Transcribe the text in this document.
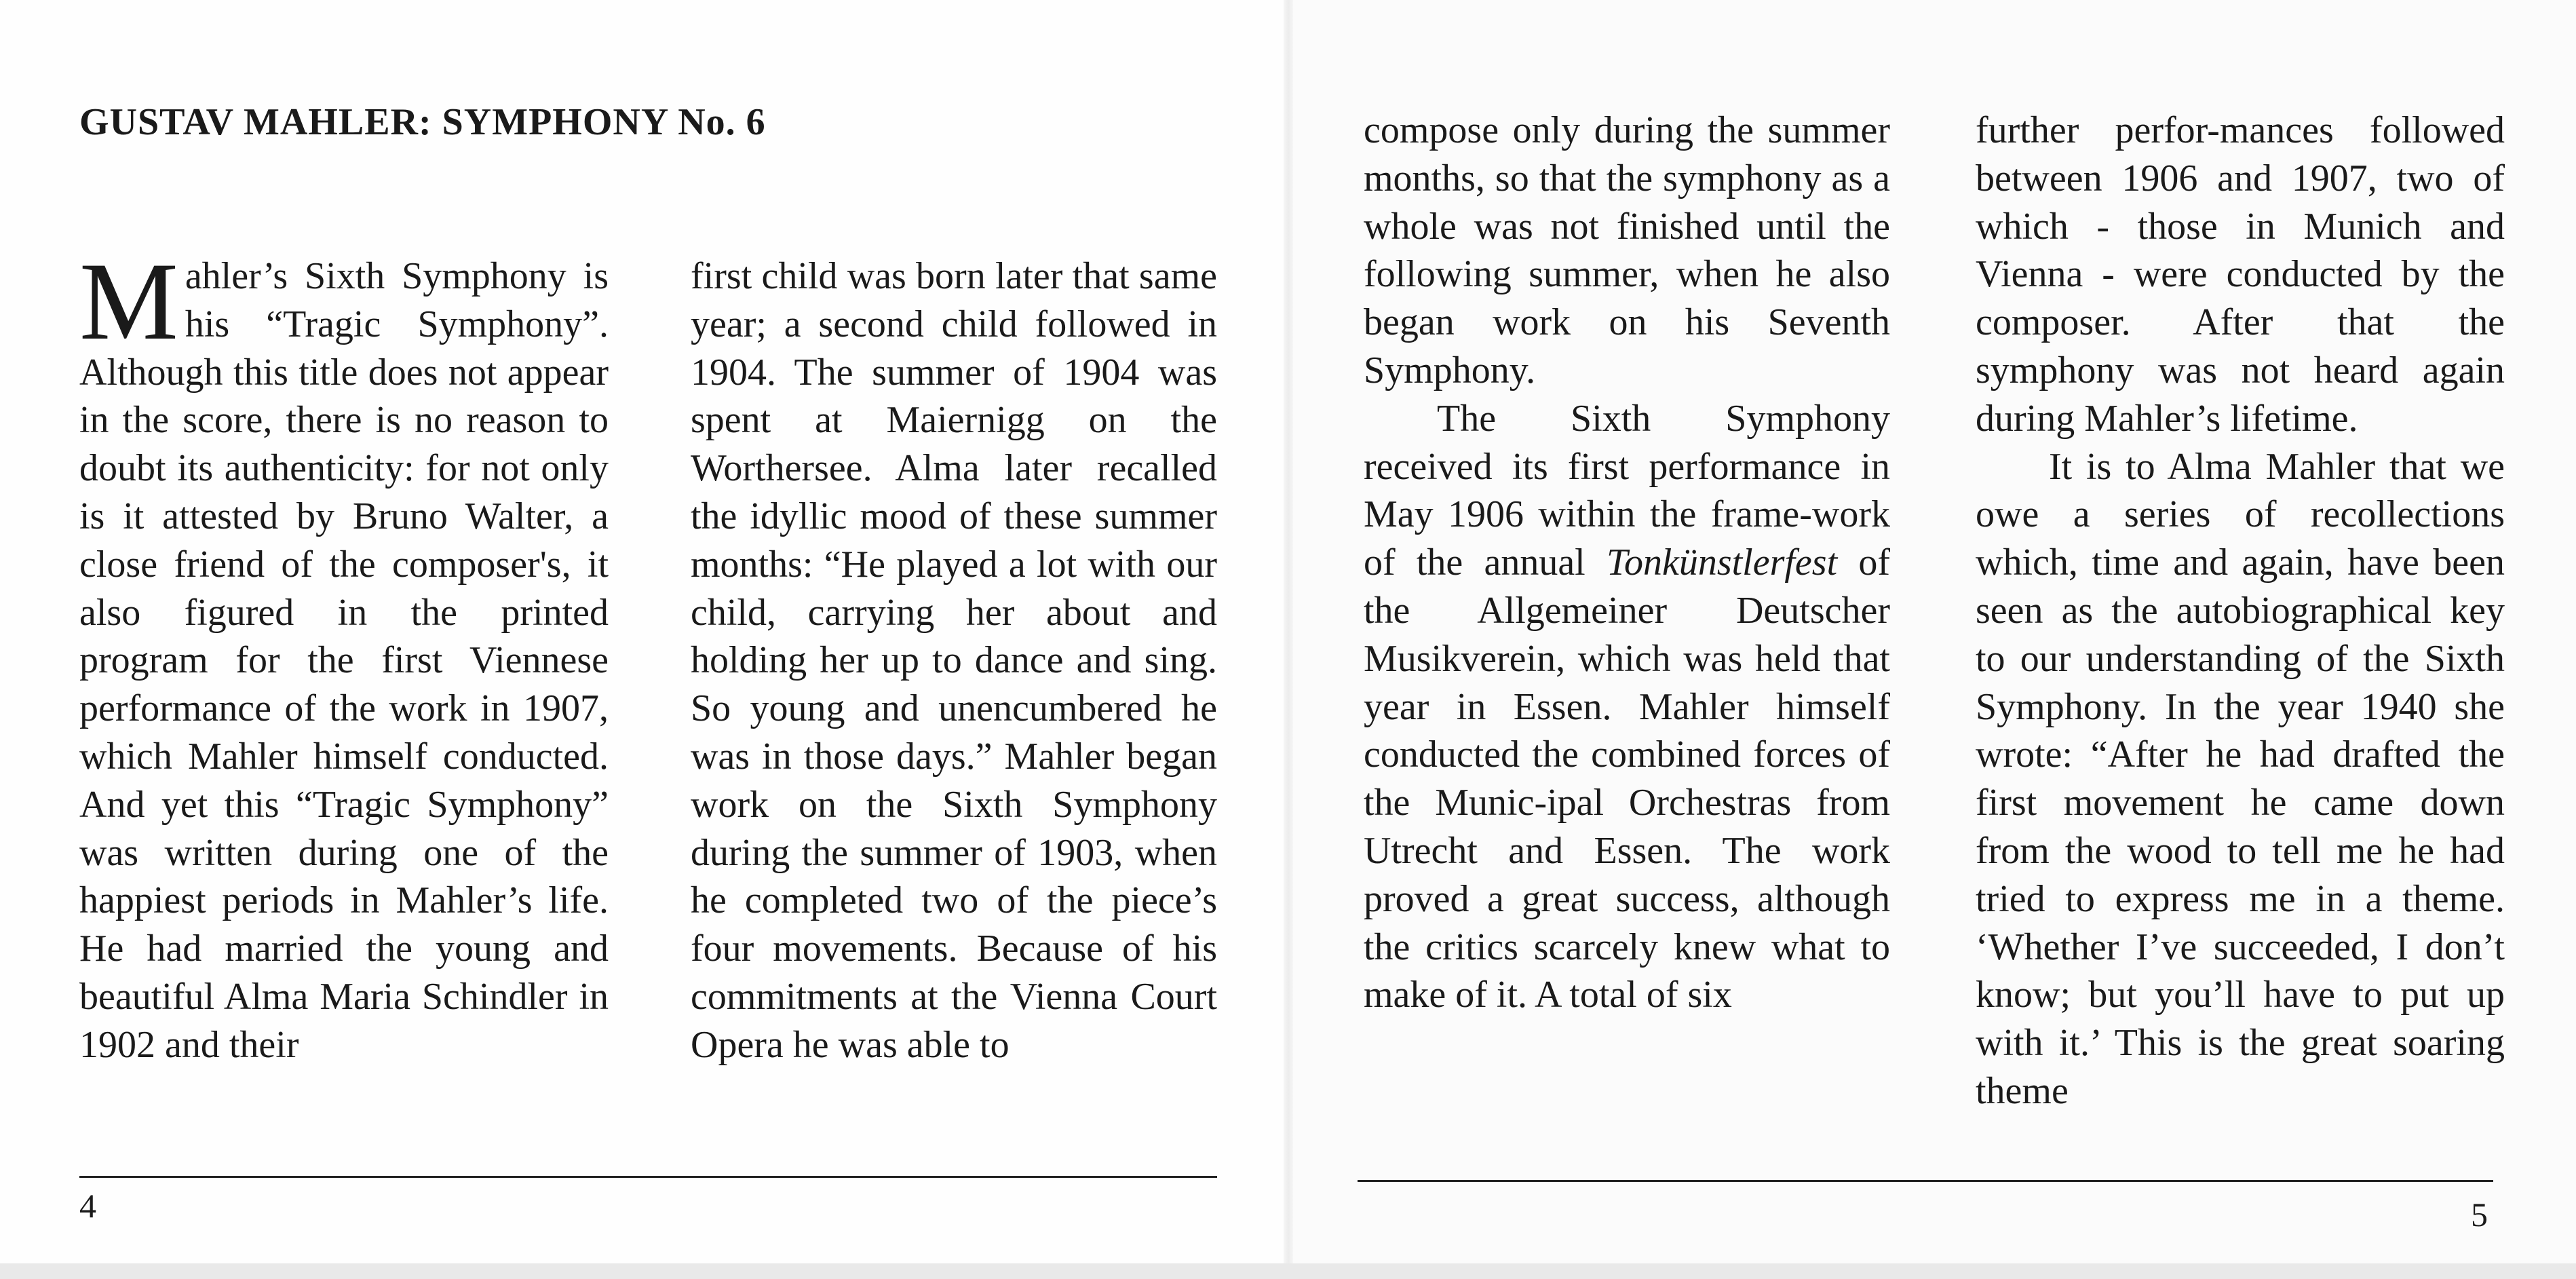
GUSTAV MAHLER: SYMPHONY No. 6

Mahler’s Sixth Symphony is his “Tragic Symphony”. Although this title does not appear in the score, there is no reason to doubt its authenticity: for not only is it attested by Bruno Walter, a close friend of the composer's, it also figured in the printed program for the first Viennese performance of the work in 1907, which Mahler himself conducted. And yet this “Tragic Symphony” was written during one of the happiest periods in Mahler’s life. He had married the young and beautiful Alma Maria Schindler in 1902 and their

first child was born later that same year; a second child followed in 1904. The summer of 1904 was spent at Maiernigg on the Worthersee. Alma later recalled the idyllic mood of these summer months: “He played a lot with our child, carrying her about and holding her up to dance and sing. So young and unencumbered he was in those days.” Mahler began work on the Sixth Symphony during the summer of 1903, when he completed two of the piece’s four movements. Because of his commitments at the Vienna Court Opera he was able to

4

compose only during the summer months, so that the symphony as a whole was not finished until the following summer, when he also began work on his Seventh Symphony.

The Sixth Symphony received its first performance in May 1906 within the frame-work of the annual Tonkünstlerfest of the Allgemeiner Deutscher Musikverein, which was held that year in Essen. Mahler himself conducted the combined forces of the Munic-ipal Orchestras from Utrecht and Essen. The work proved a great success, although the critics scarcely knew what to make of it. A total of six

further perfor-mances followed between 1906 and 1907, two of which - those in Munich and Vienna - were conducted by the composer. After that the symphony was not heard again during Mahler’s lifetime.

It is to Alma Mahler that we owe a series of recollections which, time and again, have been seen as the autobiographical key to our understanding of the Sixth Symphony. In the year 1940 she wrote: “After he had drafted the first movement he came down from the wood to tell me he had tried to express me in a theme. ‘Whether I’ve succeeded, I don’t know; but you’ll have to put up with it.’ This is the great soaring theme

5
